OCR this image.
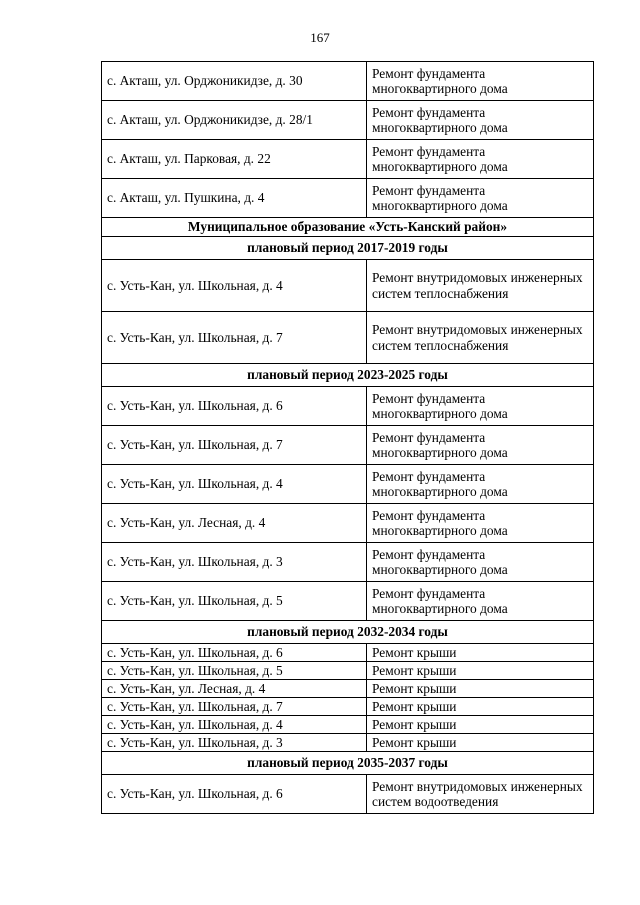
167
с. Акташ, ул. Орджоникидзе, д. 30	Ремонт фундамента многоквартирного дома
с. Акташ, ул. Орджоникидзе, д. 28/1	Ремонт фундамента многоквартирного дома
с. Акташ, ул. Парковая, д. 22	Ремонт фундамента многоквартирного дома
с. Акташ, ул. Пушкина, д. 4	Ремонт фундамента многоквартирного дома
Муниципальное образование «Усть-Канский район»	
плановый период 2017-2019 годы	
с. Усть-Кан, ул. Школьная, д. 4	Ремонт внутридомовых инженерных систем теплоснабжения
с. Усть-Кан, ул. Школьная, д. 7	Ремонт внутридомовых инженерных систем теплоснабжения
плановый период 2023-2025 годы	
с. Усть-Кан, ул. Школьная, д. 6	Ремонт фундамента многоквартирного дома
с. Усть-Кан, ул. Школьная, д. 7	Ремонт фундамента многоквартирного дома
с. Усть-Кан, ул. Школьная, д. 4	Ремонт фундамента многоквартирного дома
с. Усть-Кан, ул. Лесная, д. 4	Ремонт фундамента многоквартирного дома
с. Усть-Кан, ул. Школьная, д. 3	Ремонт фундамента многоквартирного дома
с. Усть-Кан, ул. Школьная, д. 5	Ремонт фундамента многоквартирного дома
плановый период 2032-2034 годы	
с. Усть-Кан, ул. Школьная, д. 6	Ремонт крыши
с. Усть-Кан, ул. Школьная, д. 5	Ремонт крыши
с. Усть-Кан, ул. Лесная, д. 4	Ремонт крыши
с. Усть-Кан, ул. Школьная, д. 7	Ремонт крыши
с. Усть-Кан, ул. Школьная, д. 4	Ремонт крыши
с. Усть-Кан, ул. Школьная, д. 3	Ремонт крыши
плановый период 2035-2037 годы	
с. Усть-Кан, ул. Школьная, д. 6	Ремонт внутридомовых инженерных систем водоотведения
